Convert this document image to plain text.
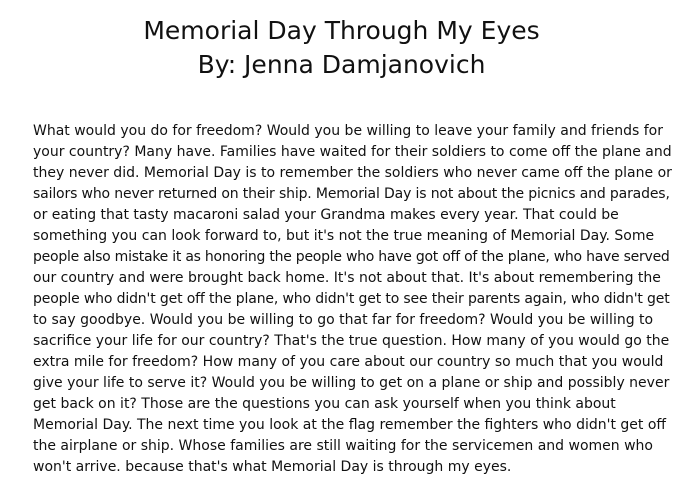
Memorial Day Through My Eyes
By: Jenna Damjanovich
What would you do for freedom? Would you be willing to leave your family and friends for
your country? Many have. Families have waited for their soldiers to come off the plane and
they never did. Memorial Day is to remember the soldiers who never came off the plane or
sailors who never returned on their ship. Memorial Day is not about the picnics and parades,
or eating that tasty macaroni salad your Grandma makes every year. That could be
something you can look forward to, but it's not the true meaning of Memorial Day. Some
people also mistake it as honoring the people who have got off of the plane, who have served
our country and were brought back home. It's not about that. It's about remembering the
people who didn't get off the plane, who didn't get to see their parents again, who didn't get
to say goodbye. Would you be willing to go that far for freedom? Would you be willing to
sacrifice your life for our country? That's the true question. How many of you would go the
extra mile for freedom? How many of you care about our country so much that you would
give your life to serve it? Would you be willing to get on a plane or ship and possibly never
get back on it? Those are the questions you can ask yourself when you think about
Memorial Day. The next time you look at the flag remember the fighters who didn't get off
the airplane or ship. Whose families are still waiting for the servicemen and women who
won't arrive. because that's what Memorial Day is through my eyes.
